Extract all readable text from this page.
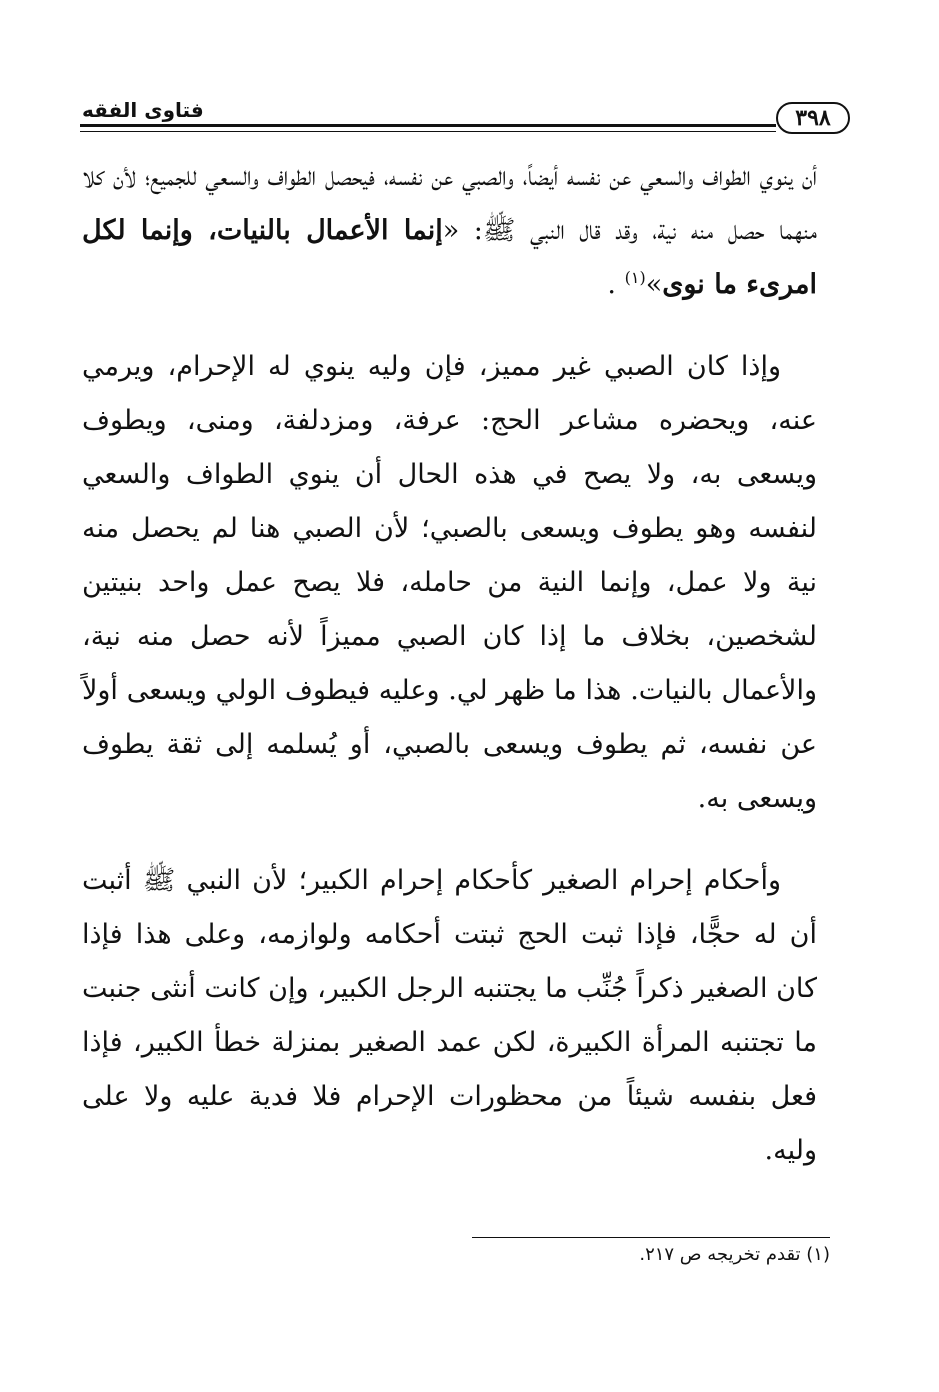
٣٩٨
فتاوى الفقه

أن ينوي الطواف والسعي عن نفسه أيضاً، والصبي عن نفسه، فيحصل الطواف والسعي للجميع؛ لأن كلا منهما حصل منه نية، وقد قال النبي ﷺ: «إنما الأعمال بالنيات، وإنما لكل امرىء ما نوى»$^{(١)}$ .

وإذا كان الصبي غير مميز، فإن وليه ينوي له الإحرام، ويرمي عنه، ويحضره مشاعر الحج: عرفة، ومزدلفة، ومنى، ويطوف ويسعى به، ولا يصح في هذه الحال أن ينوي الطواف والسعي لنفسه وهو يطوف ويسعى بالصبي؛ لأن الصبي هنا لم يحصل منه نية ولا عمل، وإنما النية من حامله، فلا يصح عمل واحد بنيتين لشخصين، بخلاف ما إذا كان الصبي مميزاً لأنه حصل منه نية، والأعمال بالنيات. هذا ما ظهر لي. وعليه فيطوف الولي ويسعى أولاً عن نفسه، ثم يطوف ويسعى بالصبي، أو يُسلمه إلى ثقة يطوف ويسعى به.

وأحكام إحرام الصغير كأحكام إحرام الكبير؛ لأن النبي ﷺ أثبت أن له حجًّا، فإذا ثبت الحج ثبتت أحكامه ولوازمه، وعلى هذا فإذا كان الصغير ذكراً جُنِّب ما يجتنبه الرجل الكبير، وإن كانت أنثى جنبت ما تجتنبه المرأة الكبيرة، لكن عمد الصغير بمنزلة خطأ الكبير، فإذا فعل بنفسه شيئاً من محظورات الإحرام فلا فدية عليه ولا على وليه.

(١) تقدم تخريجه ص ٢١٧.
